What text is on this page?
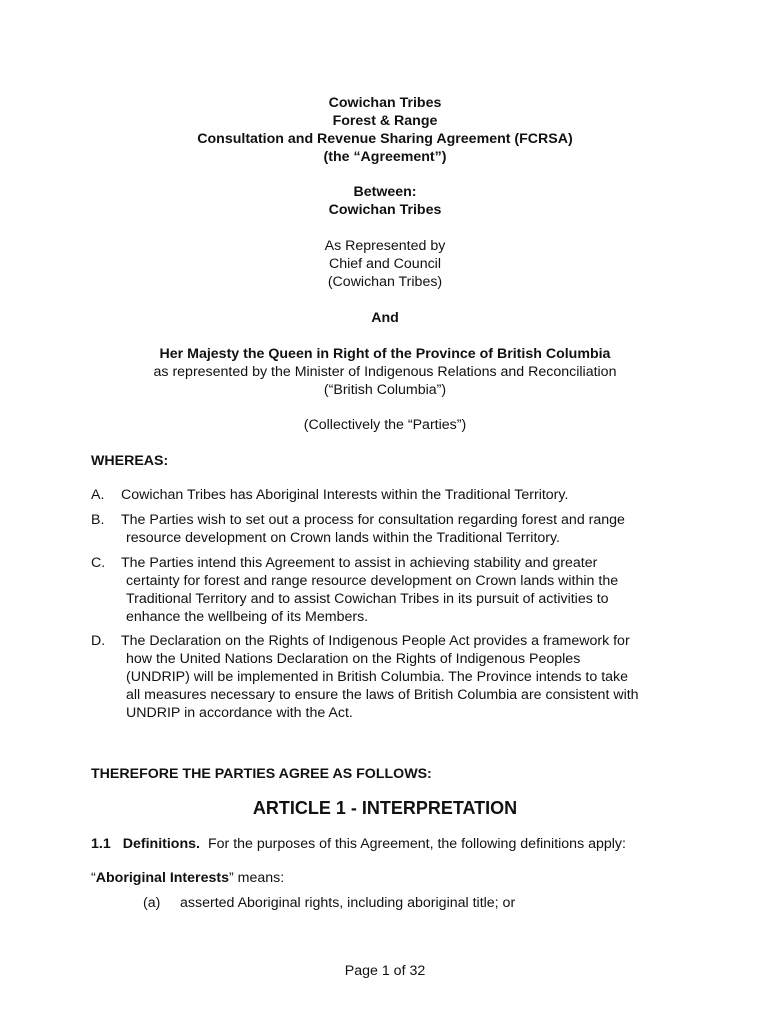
Cowichan Tribes
Forest & Range
Consultation and Revenue Sharing Agreement (FCRSA)
(the “Agreement”)
Between:
Cowichan Tribes
As Represented by
Chief and Council
(Cowichan Tribes)
And
Her Majesty the Queen in Right of the Province of British Columbia
as represented by the Minister of Indigenous Relations and Reconciliation
(“British Columbia”)
(Collectively the “Parties”)
WHEREAS:
A. Cowichan Tribes has Aboriginal Interests within the Traditional Territory.
B. The Parties wish to set out a process for consultation regarding forest and range
resource development on Crown lands within the Traditional Territory.
C. The Parties intend this Agreement to assist in achieving stability and greater
certainty for forest and range resource development on Crown lands within the
Traditional Territory and to assist Cowichan Tribes in its pursuit of activities to
enhance the wellbeing of its Members.
D. The Declaration on the Rights of Indigenous People Act provides a framework for
how the United Nations Declaration on the Rights of Indigenous Peoples
(UNDRIP) will be implemented in British Columbia. The Province intends to take
all measures necessary to ensure the laws of British Columbia are consistent with
UNDRIP in accordance with the Act.
THEREFORE THE PARTIES AGREE AS FOLLOWS:
ARTICLE 1 - INTERPRETATION
1.1 Definitions. For the purposes of this Agreement, the following definitions apply:
“Aboriginal Interests” means:
(a) asserted Aboriginal rights, including aboriginal title; or
Page 1 of 32
